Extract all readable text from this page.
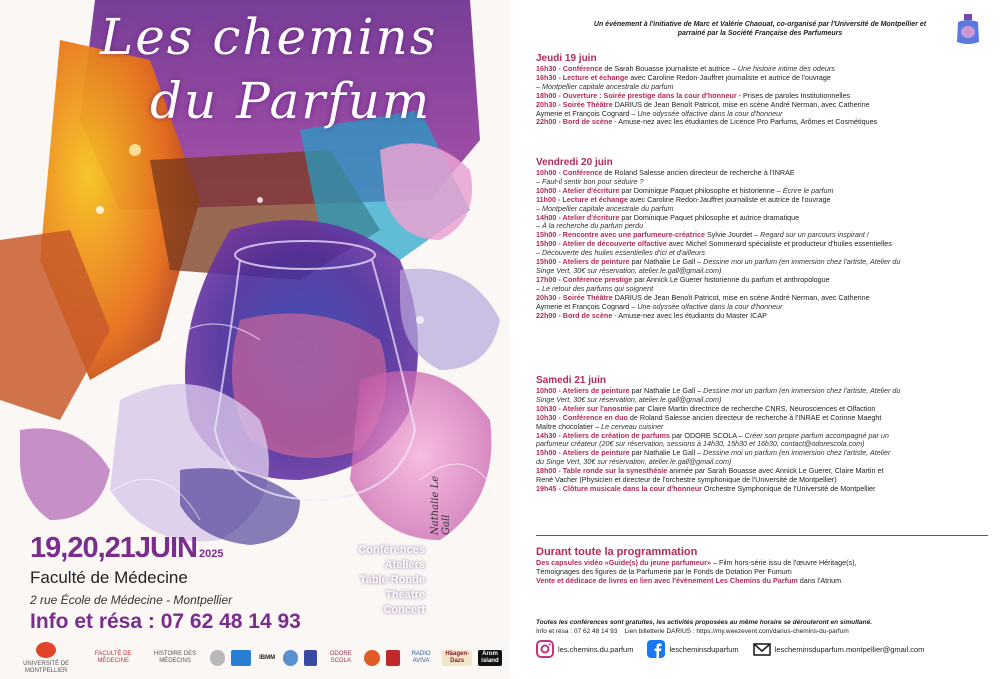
Les chemins
du Parfum
Conférences
Ateliers
Table Ronde
Théâtre
Concert
Nathalie Le Gall
19,20,21JUIN 2025
Faculté de Médecine
2 rue École de Médecine - Montpellier
Info et résa : 07 62 48 14 93

UNIVERSITÉ DE MONTPELLIER
FACULTÉ DE MÉDECINE
HISTOIRE DES MÉDECINS
IBMM
ODORE SCOLA
RADIO AVIVA
Häagen-Dazs
Arom island
Un évènement à l'initiative de Marc et Valérie Chaouat, co-organisé par l'Université de Montpellier et parrainé par la Société Française des Parfumeurs
Jeudi 19 juin
16h30 - Conférence de Sarah Bouasse journaliste et autrice – Une histoire intime des odeurs
16h30 - Lecture et échange avec Caroline Redon-Jauffret journaliste et autrice de l'ouvrage
– Montpellier capitale ancestrale du parfum
18h00 - Ouverture : Soirée prestige dans la cour d'honneur - Prises de paroles Institutionnelles
20h30 - Soirée Théâtre DARIUS de Jean Benoît Patricot, mise en scène André Nerman, avec Catherine
Aymerie et François Cognard – Une odyssée olfactive dans la cour d'honneur
22h00 - Bord de scène - Amuse-nez avec les étudiantes de Licence Pro Parfums, Arômes et Cosmétiques
Vendredi 20 juin
10h00 - Conférence de Roland Salesse ancien directeur de recherche à l'INRAE
– Faut-il sentir bon pour séduire ?
10h00 - Atelier d'écriture par Dominique Paquet philosophe et historienne – Écrire le parfum
11h00 - Lecture et échange avec Caroline Redon-Jauffret journaliste et autrice de l'ouvrage
– Montpellier capitale ancestrale du parfum
14h00 - Atelier d'écriture par Dominique Paquet philosophe et autrice dramatique
– À la recherche du parfum perdu
15h00 - Rencontre avec une parfumeure-créatrice Sylvie Jourdet – Regard sur un parcours inspirant !
15h00 - Atelier de découverte olfactive avec Michel Sommerard spécialiste et producteur d'huiles essentielles
– Découverte des huiles essentielles d'ici et d'ailleurs
15h00 - Ateliers de peinture par Nathalie Le Gall – Dessine moi un parfum (en immersion chez l'artiste, Atelier du
Singe Vert, 30€ sur réservation, atelier.le.gall@gmail.com)
17h00 - Conférence prestige par Annick Le Guerer historienne du parfum et anthropologue
– Le retour des parfums qui soignent
20h30 - Soirée Théâtre DARIUS de Jean Benoît Patricot, mise en scène André Nerman, avec Catherine
Aymerie et François Cognard – Une odyssée olfactive dans la cour d'honneur
22h00 - Bord de scène - Amuse-nez avec les étudiants du Master ICAP
Samedi 21 juin
10h00 - Ateliers de peinture par Nathalie Le Gall – Dessine moi un parfum (en immersion chez l'artiste, Atelier du
Singe Vert, 30€ sur réservation, atelier.le.gall@gmail.com)
10h30 - Atelier sur l'anosmie par Claire Martin directrice de recherche CNRS, Neurosciences et Olfaction
10h30 - Conférence en duo de Roland Salesse ancien directeur de recherche à l'INRAE et Corinne Maeght
Maître chocolatier – Le cerveau cuisiner
14h30 - Ateliers de création de parfums par ODORE SCOLA – Créer son propre parfum accompagné par un
parfumeur créateur (20€ sur réservation, sessions à 14h30, 15h30 et 16h30, contact@odorescola.com)
15h00 - Ateliers de peinture par Nathalie Le Gall – Dessine moi un parfum (en immersion chez l'artiste, Atelier
du Singe Vert, 30€ sur réservation, atelier.le.gall@gmail.com)
18h00 - Table ronde sur la synesthésie animée par Sarah Bouasse avec Annick Le Guerer, Claire Martin et
René Vacher (Physicien et directeur de l'orchestre symphonique de l'Université de Montpellier)
19h45 - Clôture musicale dans la cour d'honneur Orchestre Symphonique de l'Université de Montpellier
Durant toute la programmation
Des capsules vidéo «Guide(s) du jeune parfumeur» – Film hors-série issu de l'œuvre Héritage(s),
Témoignages des figures de la Parfumerie par le Fonds de Dotation Per Fumum
Vente et dédicace de livres en lien avec l'évènement Les Chemins du Parfum dans l'Atrium
Toutes les conférences sont gratuites, les activités proposées au même horaire se dérouleront en simultané.
Info et résa : 07 62 48 14 93 Lien billetterie DARIUS : https://my.weezevent.com/darius-chemins-du-parfum
les.chemins.du.parfum	lescheminsduparfum	lescheminsduparfum.montpellier@gmail.com
